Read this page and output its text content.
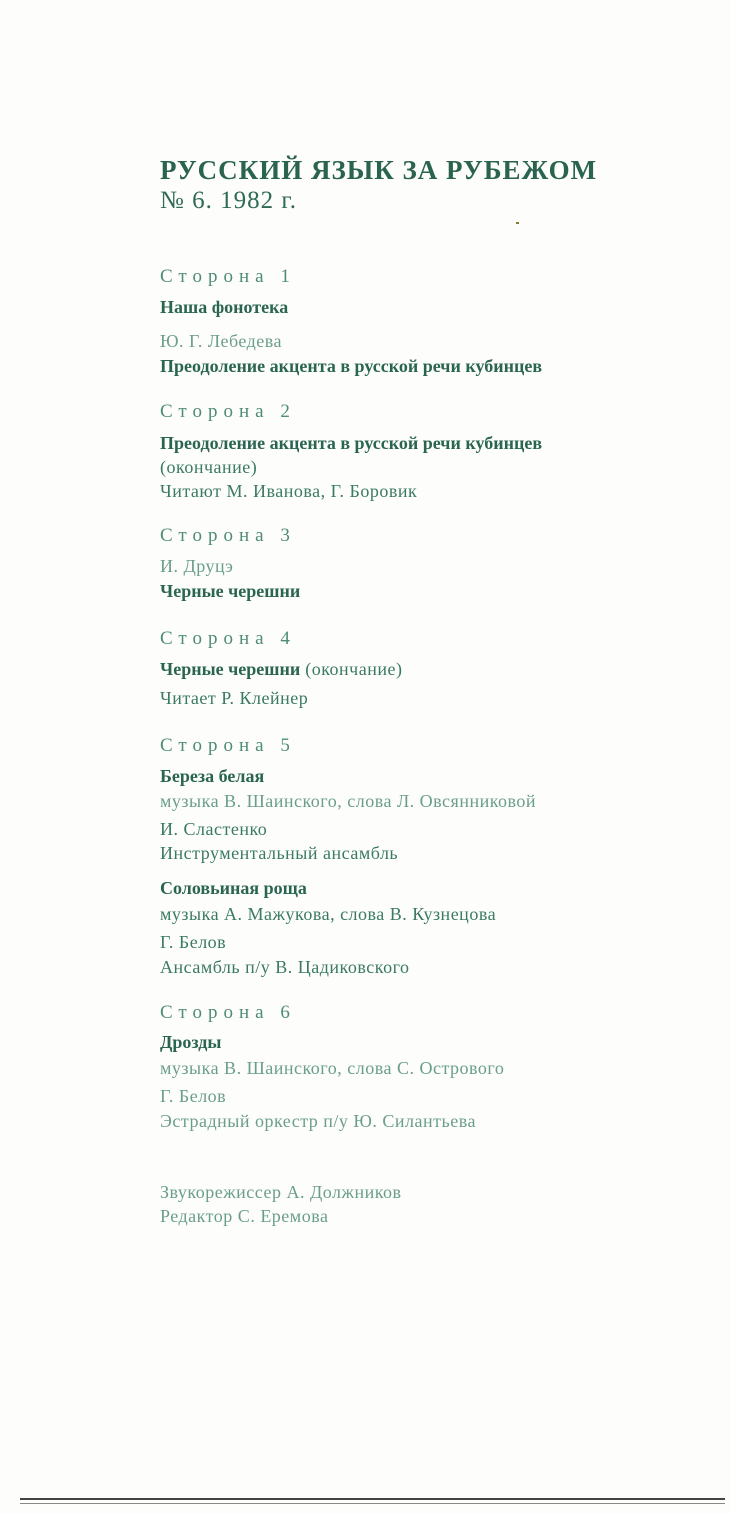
РУССКИЙ ЯЗЫК ЗА РУБЕЖОМ
№ 6. 1982 г.
Сторона 1
Наша фонотека
Ю. Г. Лебедева
Преодоление акцента в русской речи кубинцев
Сторона 2
Преодоление акцента в русской речи кубинцев
(окончание)
Читают М. Иванова, Г. Боровик
Сторона 3
И. Друцэ
Черные черешни
Сторона 4
Черные черешни (окончание)
Читает Р. Клейнер
Сторона 5
Береза белая
музыка В. Шаинского, слова Л. Овсянниковой
И. Сластенко
Инструментальный ансамбль
Соловьиная роща
музыка А. Мажукова, слова В. Кузнецова
Г. Белов
Ансамбль п/у В. Цадиковского
Сторона 6
Дрозды
музыка В. Шаинского, слова С. Острового
Г. Белов
Эстрадный оркестр п/у Ю. Силантьева
Звукорежиссер А. Должников
Редактор С. Еремова
